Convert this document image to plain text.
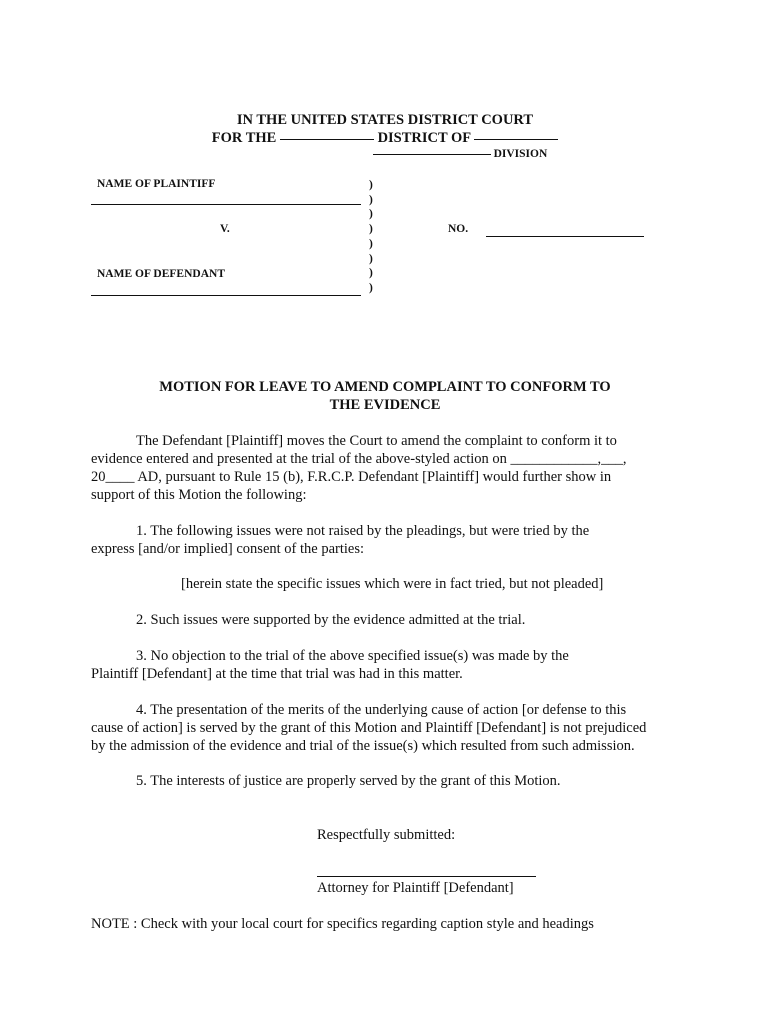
IN THE UNITED STATES DISTRICT COURT
FOR THE	DISTRICT OF
DIVISION
NAME OF PLAINTIFF
V.
NAME OF DEFENDANT
)
)
)
)
)
)
)
)
NO.
MOTION FOR LEAVE TO AMEND COMPLAINT TO CONFORM TO
THE EVIDENCE
The Defendant [Plaintiff] moves the Court to amend the complaint to conform it to
evidence entered and presented at the trial of the above-styled action on ____________,___,
20____ AD, pursuant to Rule 15 (b), F.R.C.P. Defendant [Plaintiff] would further show in
support of this Motion the following:
1. The following issues were not raised by the pleadings, but were tried by the
express [and/or implied] consent of the parties:
[herein state the specific issues which were in fact tried, but not pleaded]
2. Such issues were supported by the evidence admitted at the trial.
3. No objection to the trial of the above specified issue(s) was made by the
Plaintiff [Defendant] at the time that trial was had in this matter.
4. The presentation of the merits of the underlying cause of action [or defense to this
cause of action] is served by the grant of this Motion and Plaintiff [Defendant] is not prejudiced
by the admission of the evidence and trial of the issue(s) which resulted from such admission.
5. The interests of justice are properly served by the grant of this Motion.
Respectfully submitted:
Attorney for Plaintiff [Defendant]
NOTE : Check with your local court for specifics regarding caption style and headings
